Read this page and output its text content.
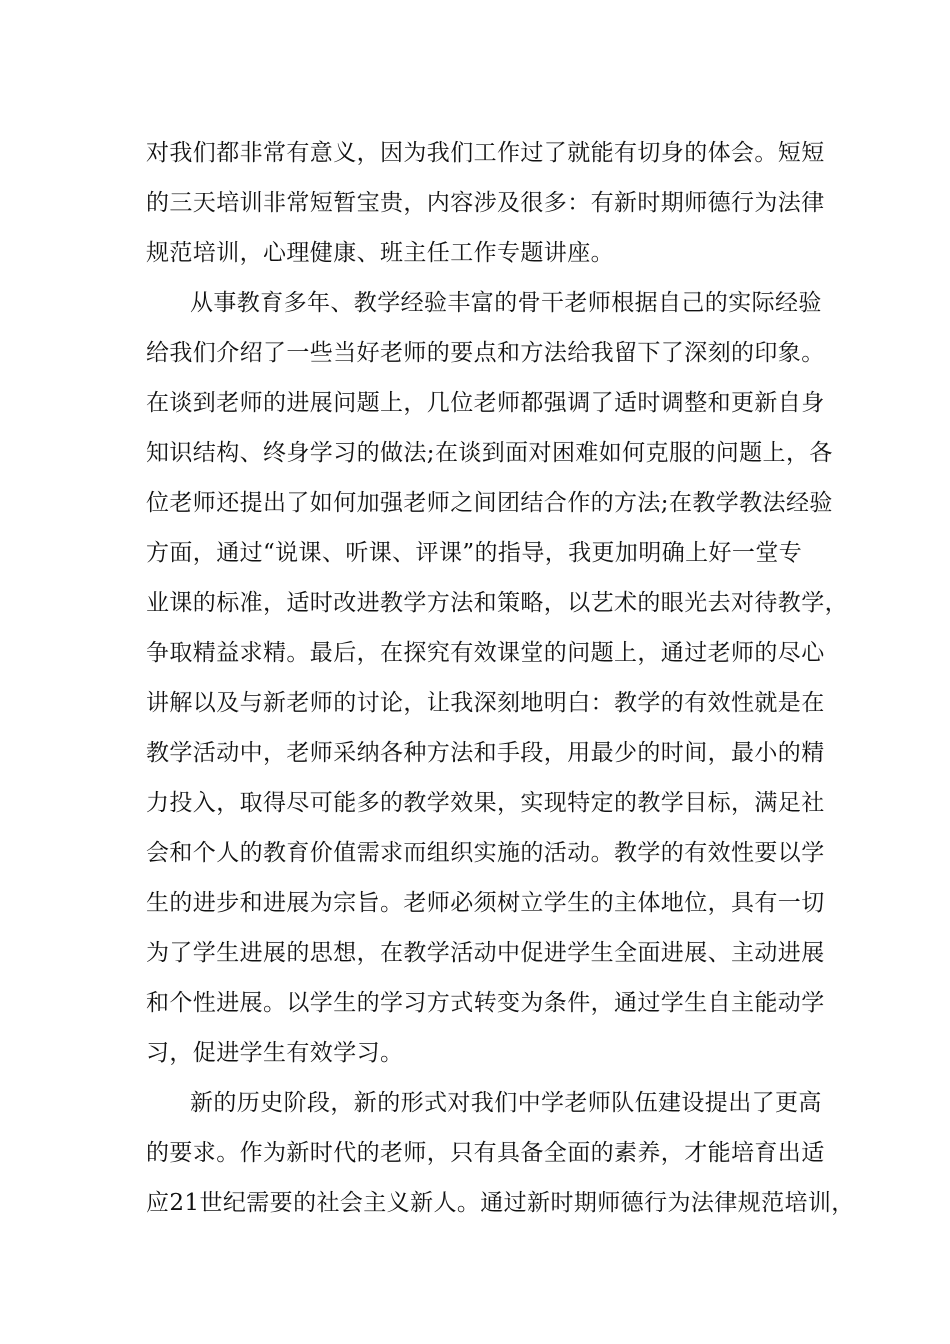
对我们都非常有意义，因为我们工作过了就能有切身的体会。短短
的三天培训非常短暂宝贵，内容涉及很多：有新时期师德行为法律
规范培训，心理健康、班主任工作专题讲座。
从事教育多年、教学经验丰富的骨干老师根据自己的实际经验
给我们介绍了一些当好老师的要点和方法给我留下了深刻的印象。
在谈到老师的进展问题上，几位老师都强调了适时调整和更新自身
知识结构、终身学习的做法;在谈到面对困难如何克服的问题上，各
位老师还提出了如何加强老师之间团结合作的方法;在教学教法经验
方面，通过“说课、听课、评课”的指导，我更加明确上好一堂专
业课的标准，适时改进教学方法和策略，以艺术的眼光去对待教学，
争取精益求精。最后，在探究有效课堂的问题上，通过老师的尽心
讲解以及与新老师的讨论，让我深刻地明白：教学的有效性就是在
教学活动中，老师采纳各种方法和手段，用最少的时间，最小的精
力投入，取得尽可能多的教学效果，实现特定的教学目标，满足社
会和个人的教育价值需求而组织实施的活动。教学的有效性要以学
生的进步和进展为宗旨。老师必须树立学生的主体地位，具有一切
为了学生进展的思想，在教学活动中促进学生全面进展、主动进展
和个性进展。以学生的学习方式转变为条件，通过学生自主能动学
习，促进学生有效学习。
新的历史阶段，新的形式对我们中学老师队伍建设提出了更高
的要求。作为新时代的老师，只有具备全面的素养，才能培育出适
应21世纪需要的社会主义新人。通过新时期师德行为法律规范培训，
